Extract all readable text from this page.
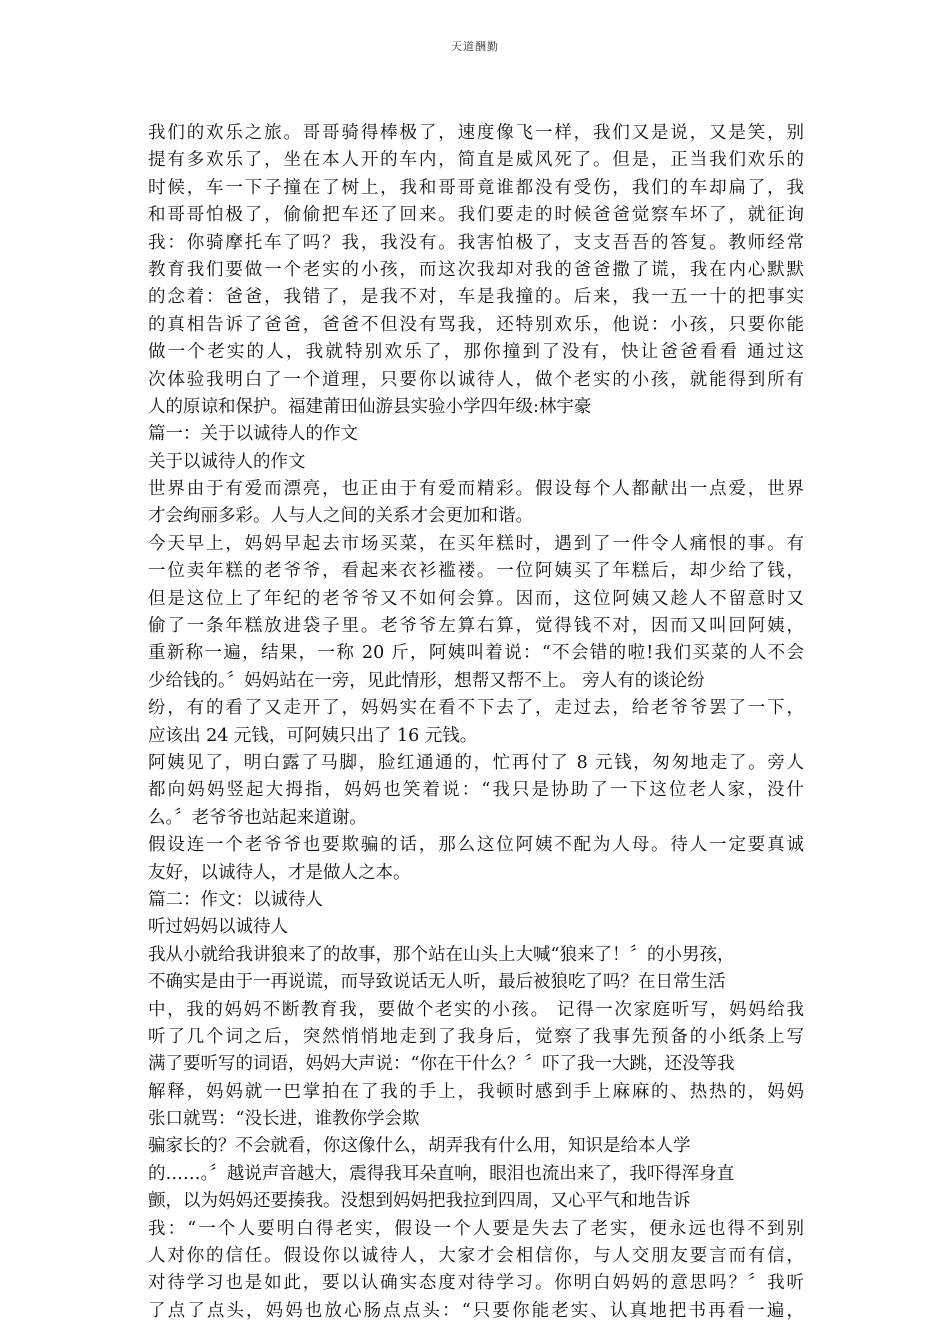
天道酬勤
我们的欢乐之旅。哥哥骑得棒极了，速度像飞一样，我们又是说，又是笑，别
提有多欢乐了，坐在本人开的车内，简直是威风死了。但是，正当我们欢乐的
时候，车一下子撞在了树上，我和哥哥竟谁都没有受伤，我们的车却扁了，我
和哥哥怕极了，偷偷把车还了回来。我们要走的时候爸爸觉察车坏了，就征询
我：你骑摩托车了吗？我，我没有。我害怕极了，支支吾吾的答复。教师经常
教育我们要做一个老实的小孩，而这次我却对我的爸爸撒了谎，我在内心默默
的念着：爸爸，我错了，是我不对，车是我撞的。后来，我一五一十的把事实
的真相告诉了爸爸，爸爸不但没有骂我，还特别欢乐，他说：小孩，只要你能
做一个老实的人，我就特别欢乐了，那你撞到了没有，快让爸爸看看 通过这
次体验我明白了一个道理，只要你以诚待人，做个老实的小孩，就能得到所有
人的原谅和保护。福建莆田仙游县实验小学四年级:林宇豪
篇一：关于以诚待人的作文
关于以诚待人的作文
世界由于有爱而漂亮，也正由于有爱而精彩。假设每个人都献出一点爱，世界
才会绚丽多彩。人与人之间的关系才会更加和谐。
今天早上，妈妈早起去市场买菜，在买年糕时，遇到了一件令人痛恨的事。有
一位卖年糕的老爷爷，看起来衣衫褴褛。一位阿姨买了年糕后，却少给了钱，
但是这位上了年纪的老爷爷又不如何会算。因而，这位阿姨又趁人不留意时又
偷了一条年糕放进袋子里。老爷爷左算右算，觉得钱不对，因而又叫回阿姨，
重新称一遍，结果，一称 20 斤，阿姨叫着说：“不会错的啦!我们买菜的人不会
少给钱的。〞妈妈站在一旁，见此情形，想帮又帮不上。 旁人有的谈论纷
纷，有的看了又走开了，妈妈实在看不下去了，走过去，给老爷爷罢了一下，
应该出 24 元钱，可阿姨只出了 16 元钱。
阿姨见了，明白露了马脚，脸红通通的，忙再付了 8 元钱，匆匆地走了。旁人
都向妈妈竖起大拇指，妈妈也笑着说：“我只是协助了一下这位老人家，没什
么。〞老爷爷也站起来道谢。
假设连一个老爷爷也要欺骗的话，那么这位阿姨不配为人母。待人一定要真诚
友好，以诚待人，才是做人之本。
篇二：作文：以诚待人
听过妈妈以诚待人
我从小就给我讲狼来了的故事，那个站在山头上大喊“狼来了！〞的小男孩，
不确实是由于一再说谎，而导致说话无人听，最后被狼吃了吗？在日常生活
中，我的妈妈不断教育我，要做个老实的小孩。 记得一次家庭听写，妈妈给我
听了几个词之后，突然悄悄地走到了我身后，觉察了我事先预备的小纸条上写
满了要听写的词语，妈妈大声说：“你在干什么？〞吓了我一大跳，还没等我
解释，妈妈就一巴掌拍在了我的手上，我顿时感到手上麻麻的、热热的，妈妈
张口就骂：“没长进，谁教你学会欺
骗家长的？不会就看，你这像什么，胡弄我有什么用，知识是给本人学
的……。〞越说声音越大，震得我耳朵直响，眼泪也流出来了，我吓得浑身直
颤，以为妈妈还要揍我。没想到妈妈把我拉到四周，又心平气和地告诉
我：“一个人要明白得老实，假设一个人要是失去了老实，便永远也得不到别
人对你的信任。假设你以诚待人，大家才会相信你，与人交朋友要言而有信，
对待学习也是如此，要以认确实态度对待学习。你明白妈妈的意思吗？〞我听
了点了点头，妈妈也放心肠点点头：“只要你能老实、认真地把书再看一遍，
